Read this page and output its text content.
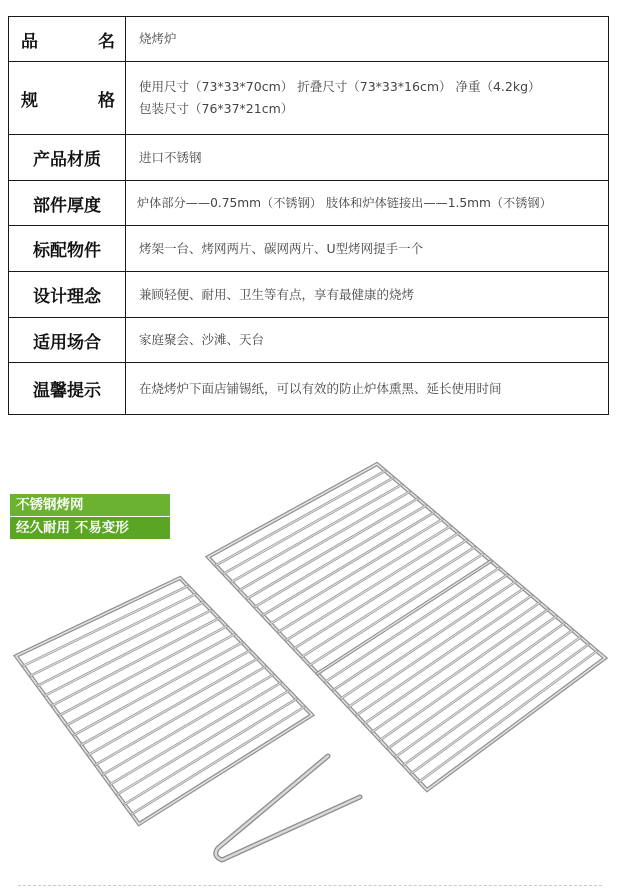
品　名	烧烤炉
规　格	使用尺寸（73*33*70cm） 折叠尺寸（73*33*16cm） 净重（4.2kg）
包装尺寸（76*37*21cm）

产品材质	进口不锈钢
部件厚度	炉体部分——0.75mm（不锈钢） 肢体和炉体链接出——1.5mm（不锈钢）
标配物件	烤架一台、烤网两片、碳网两片、U型烤网提手一个
设计理念	兼顾轻便、耐用、卫生等有点，享有最健康的烧烤
适用场合	家庭聚会、沙滩、天台
温馨提示	在烧烤炉下面店铺锡纸，可以有效的防止炉体熏黑、延长使用时间
不锈钢烤网
经久耐用 不易变形
